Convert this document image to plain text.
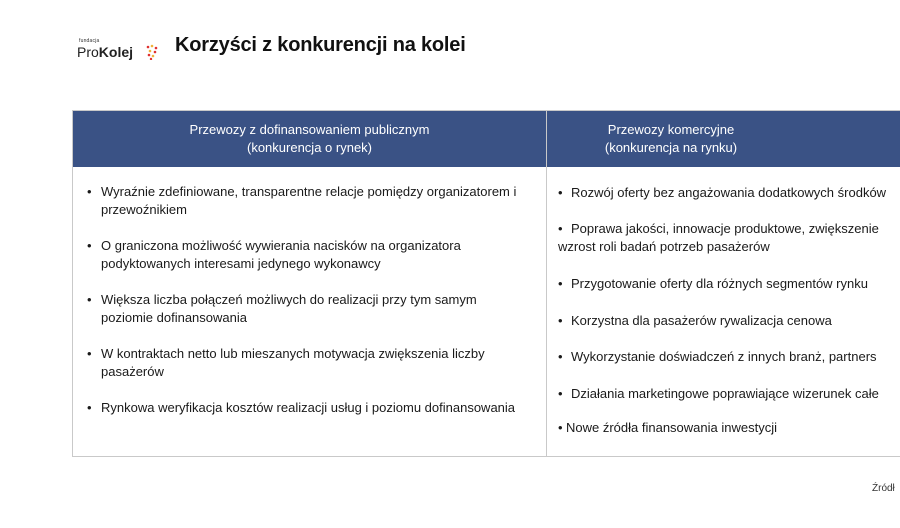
fundacja
ProKolej Korzyści z konkurencji na kolei
Przewozy z dofinansowaniem publicznym
(konkurencja o rynek)
Przewozy komercyjne
(konkurencja na rynku)
• Wyraźnie zdefiniowane, transparentne relacje pomiędzy organizatorem i przewoźnikiem
• O graniczona możliwość wywierania nacisków na organizatora podyktowanych interesami jedynego wykonawcy
• Większa liczba połączeń możliwych do realizacji przy tym samym poziomie dofinansowania
• W kontraktach netto lub mieszanych motywacja zwiększenia liczby pasażerów
• Rynkowa weryfikacja kosztów realizacji usług i poziomu dofinansowania
• Rozwój oferty bez angażowania dodatkowych środków
• Poprawa jakości, innowacje produktowe, zwiększenie
wzrost roli badań potrzeb pasażerów
• Przygotowanie oferty dla różnych segmentów rynku
• Korzystna dla pasażerów rywalizacja cenowa
• Wykorzystanie doświadczeń z innych branż, partners
• Działania marketingowe poprawiające wizerunek całe
• Nowe źródła finansowania inwestycji
Źródł
